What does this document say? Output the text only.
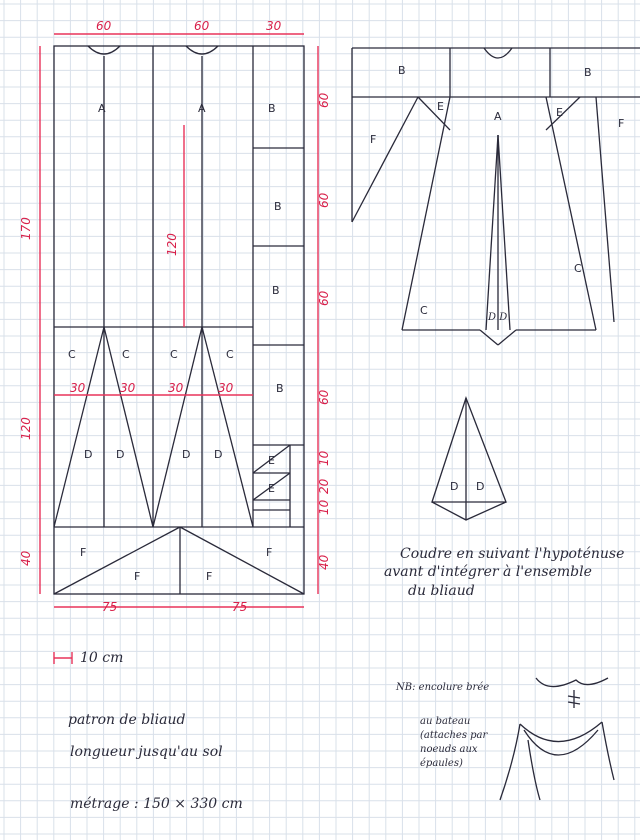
60	60	30
170
120
40
120
60
60
60
60
10
20
10
40
30	30	30	30
75	75
A	A	B
B
B
B
C	C	C	C
D D	D D	E
E
F
F	F
F
B	B
A
E	E
F
F
C
C
D D
D D
Coudre en suivant l'hypoténuse
avant d'intégrer à l'ensemble
du bliaud
10 cm
patron de bliaud
longueur jusqu'au sol
métrage : 150 × 330 cm
NB: encolure brée
au bateau
(attaches par
noeuds aux
épaules)
